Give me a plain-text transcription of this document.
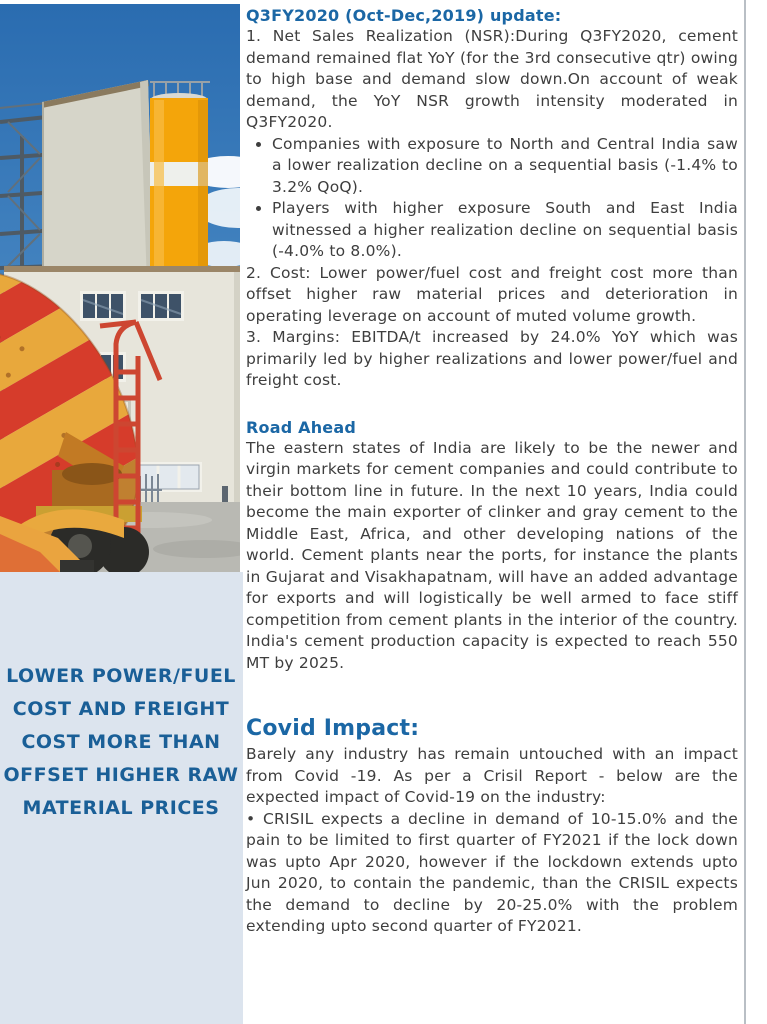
LOWER POWER/FUEL COST AND FREIGHT COST MORE THAN OFFSET HIGHER RAW MATERIAL PRICES
Q3FY2020 (Oct-Dec,2019) update:

1. Net Sales Realization (NSR):During Q3FY2020, cement demand remained flat YoY (for the 3rd consecutive qtr) owing to high base and demand slow down.On account of weak demand, the YoY NSR growth intensity moderated in Q3FY2020.

• Companies with exposure to North and Central India saw a lower realization decline on a sequential basis (-1.4% to 3.2% QoQ).
• Players with higher exposure South and East India witnessed a higher realization decline on sequential basis (-4.0% to 8.0%).

2. Cost: Lower power/fuel cost and freight cost more than offset higher raw material prices and deterioration in operating leverage on account of muted volume growth.

3. Margins: EBITDA/t increased by 24.0% YoY which was primarily led by higher realizations and lower power/fuel and freight cost.

Road Ahead

The eastern states of India are likely to be the newer and virgin markets for cement companies and could contribute to their bottom line in future. In the next 10 years, India could become the main exporter of clinker and gray cement to the Middle East, Africa, and other developing nations of the world. Cement plants near the ports, for instance the plants in Gujarat and Visakhapatnam, will have an added advantage for exports and will logistically be well armed to face stiff competition from cement plants in the interior of the country. India's cement production capacity is expected to reach 550 MT by 2025.

Covid Impact:

Barely any industry has remain untouched with an impact from Covid -19. As per a Crisil Report - below are the expected impact of Covid-19 on the industry:

• CRISIL expects a decline in demand of 10-15.0% and the pain to be limited to first quarter of FY2021 if the lock down was upto Apr 2020, however if the lockdown extends upto Jun 2020, to contain the pandemic, than the CRISIL expects the demand to decline by 20-25.0% with the problem extending upto second quarter of FY2021.
